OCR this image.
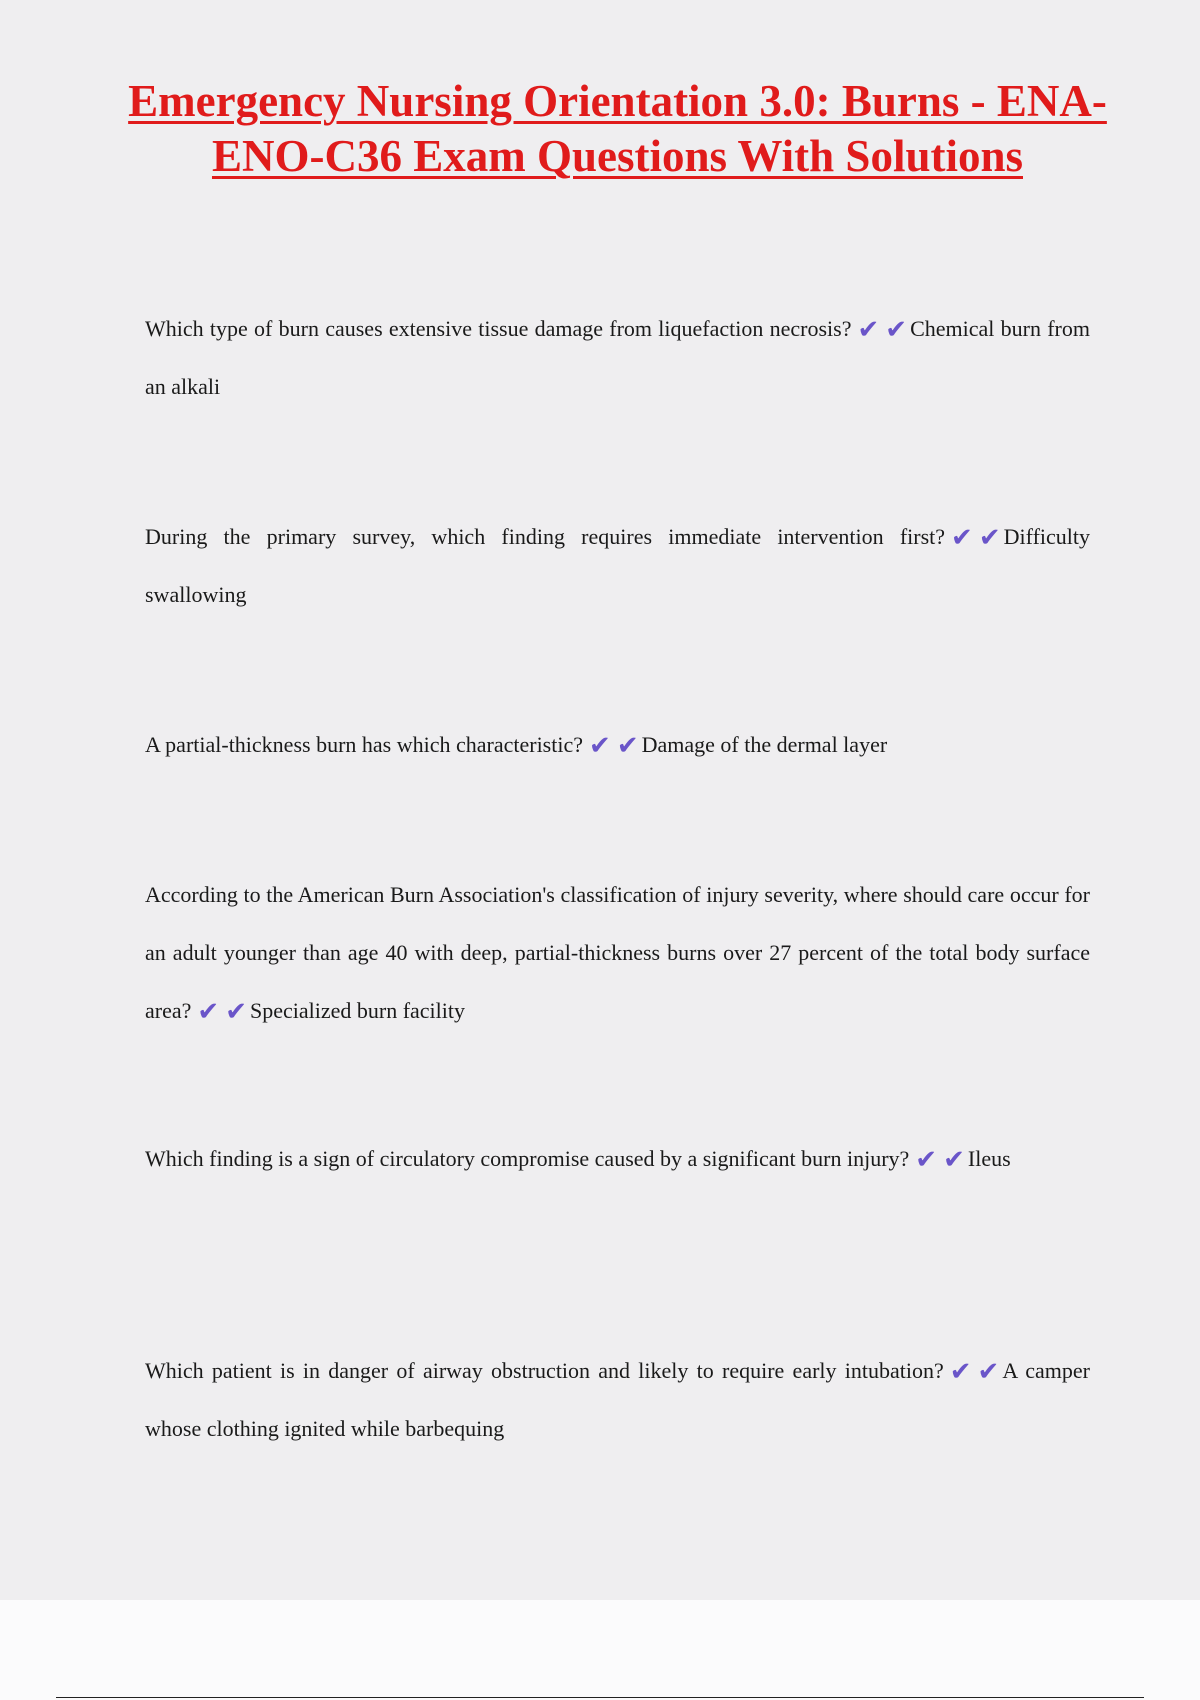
Emergency Nursing Orientation 3.0: Burns - ENA-ENO-C36 Exam Questions With Solutions

Which type of burn causes extensive tissue damage from liquefaction necrosis? ✔ ✔ Chemical burn from an alkali

During the primary survey, which finding requires immediate intervention first? ✔ ✔ Difficulty swallowing

A partial-thickness burn has which characteristic? ✔ ✔ Damage of the dermal layer

According to the American Burn Association's classification of injury severity, where should care occur for an adult younger than age 40 with deep, partial-thickness burns over 27 percent of the total body surface area? ✔ ✔ Specialized burn facility

Which finding is a sign of circulatory compromise caused by a significant burn injury? ✔ ✔ Ileus

Which patient is in danger of airway obstruction and likely to require early intubation? ✔ ✔ A camper whose clothing ignited while barbequing
